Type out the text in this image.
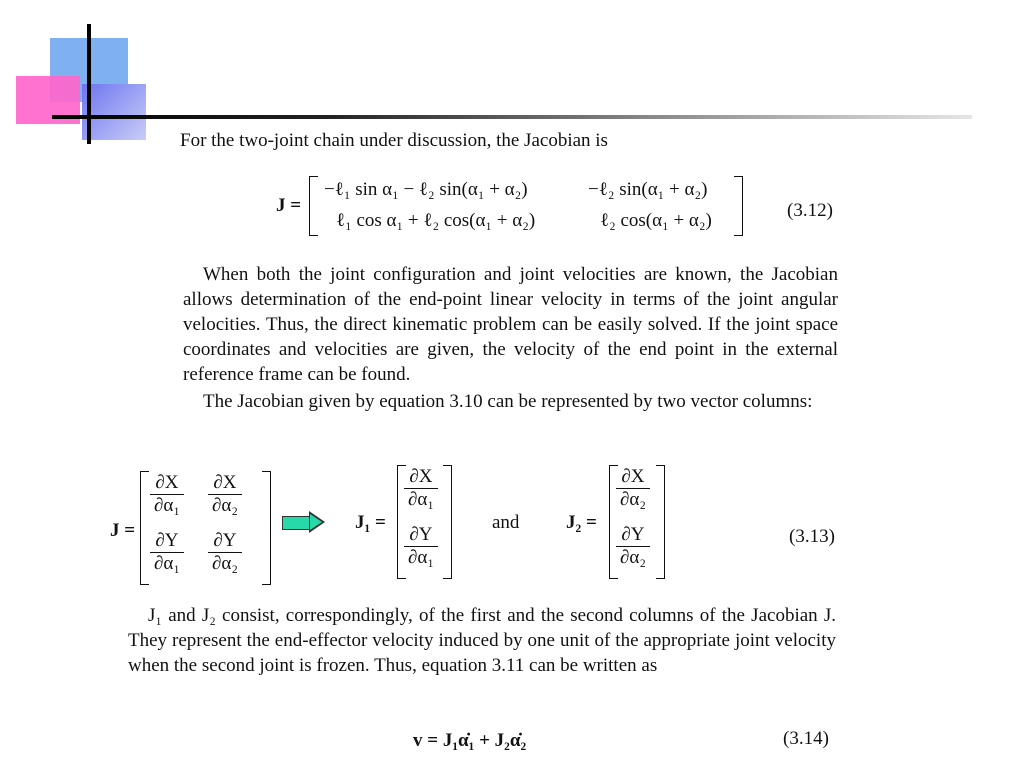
For the two-joint chain under discussion, the Jacobian is
J =
−ℓ₁ sin α₁ − ℓ₂ sin(α₁ + α₂)	−ℓ₂ sin(α₁ + α₂)
ℓ₁ cos α₁ + ℓ₂ cos(α₁ + α₂)	ℓ₂ cos(α₁ + α₂)	(3.12)
When both the joint configuration and joint velocities are known, the Jacobian allows determination of the end-point linear velocity in terms of the joint angular velocities. Thus, the direct kinematic problem can be easily solved. If the joint space coordinates and velocities are given, the velocity of the end point in the external reference frame can be found.
The Jacobian given by equation 3.10 can be represented by two vector columns:
J =
$\frac{\partial X}{\text{∂α₁}} \frac{\partial X}{\text{∂α₂}}$
$\frac{\partial Y}{\text{∂α₁}} \frac{\partial Y}{\text{∂α₂}}$
J₁ =
$\frac{\partial X}{\text{∂α₁}}$
$\frac{\partial Y}{\text{∂α₁}}$
and J₂ =
$\frac{\partial X}{\text{∂α₂}}$
$\frac{\partial Y}{\text{∂α₂}}$	(3.13)
J₁ and J₂ consist, correspondingly, of the first and the second columns of the Jacobian J. They represent the end-effector velocity induced by one unit of the appropriate joint velocity when the second joint is frozen. Thus, equation 3.11 can be written as
v = J₁α̇₁ + J₂α̇₂	(3.14)
